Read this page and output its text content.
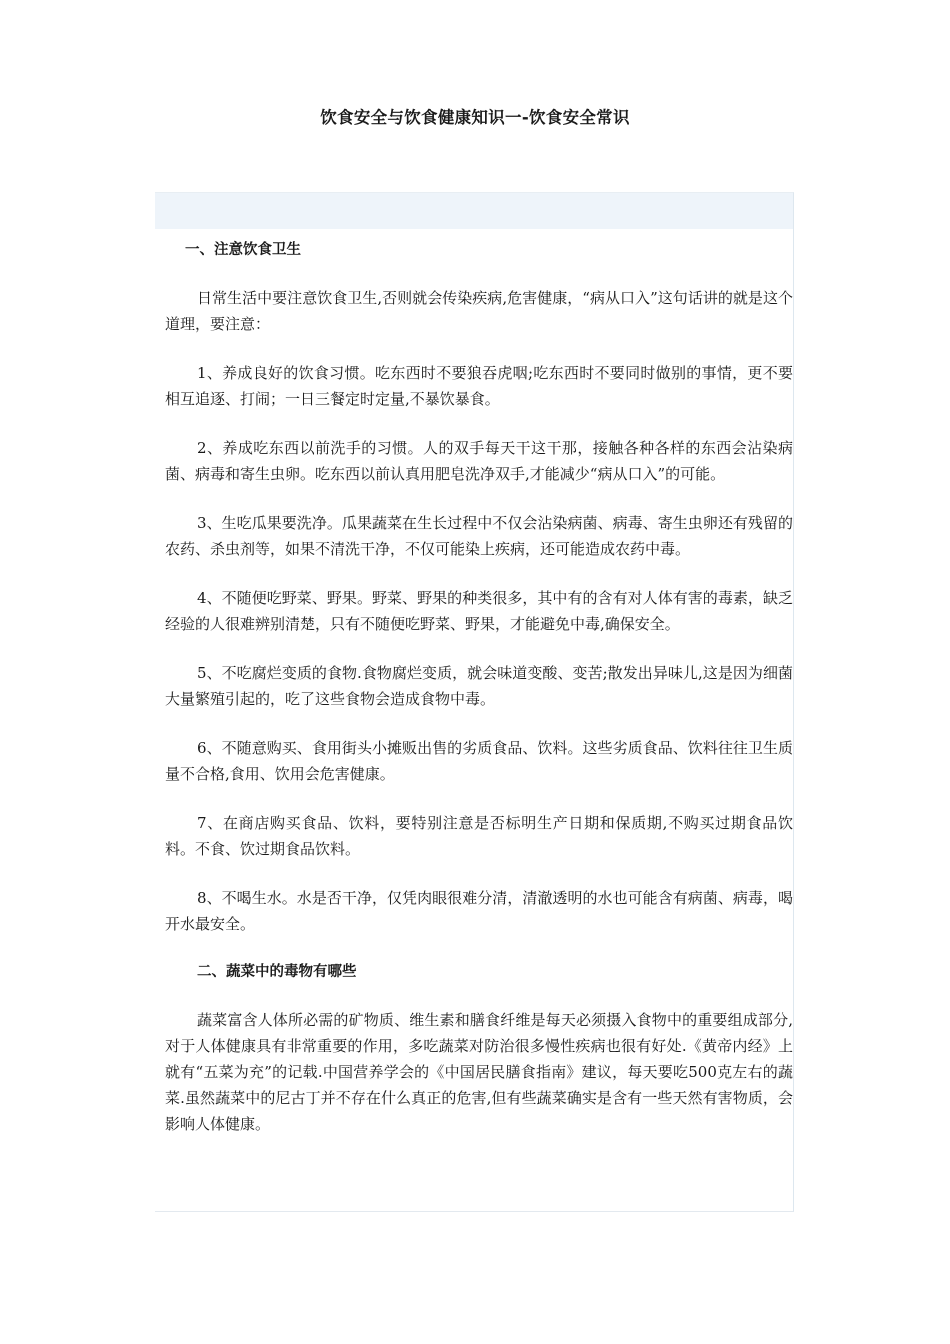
饮食安全与饮食健康知识一-饮食安全常识

一、注意饮食卫生

日常生活中要注意饮食卫生,否则就会传染疾病,危害健康，“病从口入”这句话讲的就是这个道理，要注意：

1、养成良好的饮食习惯。吃东西时不要狼吞虎咽;吃东西时不要同时做别的事情，更不要相互追逐、打闹；一日三餐定时定量,不暴饮暴食。

2、养成吃东西以前洗手的习惯。人的双手每天干这干那，接触各种各样的东西会沾染病菌、病毒和寄生虫卵。吃东西以前认真用肥皂洗净双手,才能减少“病从口入”的可能。

3、生吃瓜果要洗净。瓜果蔬菜在生长过程中不仅会沾染病菌、病毒、寄生虫卵还有残留的农药、杀虫剂等，如果不清洗干净，不仅可能染上疾病，还可能造成农药中毒。

4、不随便吃野菜、野果。野菜、野果的种类很多，其中有的含有对人体有害的毒素，缺乏经验的人很难辨别清楚，只有不随便吃野菜、野果，才能避免中毒,确保安全。

5、不吃腐烂变质的食物.食物腐烂变质，就会味道变酸、变苦;散发出异味儿,这是因为细菌大量繁殖引起的，吃了这些食物会造成食物中毒。

6、不随意购买、食用街头小摊贩出售的劣质食品、饮料。这些劣质食品、饮料往往卫生质量不合格,食用、饮用会危害健康。

7、在商店购买食品、饮料，要特别注意是否标明生产日期和保质期,不购买过期食品饮料。不食、饮过期食品饮料。

8、不喝生水。水是否干净，仅凭肉眼很难分清，清澈透明的水也可能含有病菌、病毒，喝开水最安全。

二、蔬菜中的毒物有哪些

蔬菜富含人体所必需的矿物质、维生素和膳食纤维是每天必须摄入食物中的重要组成部分,对于人体健康具有非常重要的作用，多吃蔬菜对防治很多慢性疾病也很有好处.《黄帝内经》上就有“五菜为充”的记载.中国营养学会的《中国居民膳食指南》建议，每天要吃500克左右的蔬菜.虽然蔬菜中的尼古丁并不存在什么真正的危害,但有些蔬菜确实是含有一些天然有害物质，会影响人体健康。
